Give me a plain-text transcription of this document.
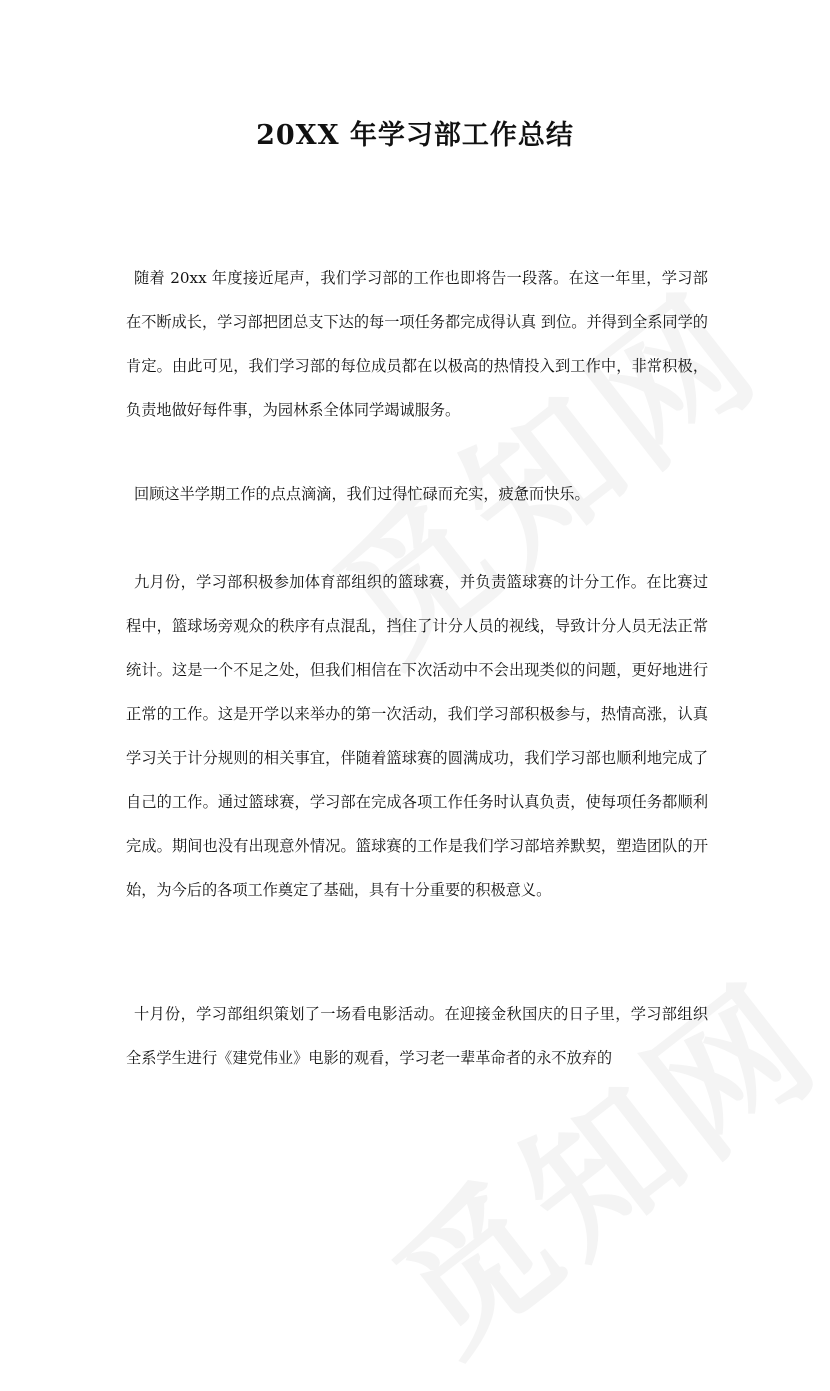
20XX 年学习部工作总结

随着 20xx 年度接近尾声，我们学习部的工作也即将告一段落。在这一年里，学习部在不断成长，学习部把团总支下达的每一项任务都完成得认真 到位。并得到全系同学的肯定。由此可见，我们学习部的每位成员都在以极高的热情投入到工作中，非常积极，负责地做好每件事，为园林系全体同学竭诚服务。

回顾这半学期工作的点点滴滴，我们过得忙碌而充实，疲惫而快乐。

九月份，学习部积极参加体育部组织的篮球赛，并负责篮球赛的计分工作。在比赛过程中，篮球场旁观众的秩序有点混乱，挡住了计分人员的视线，导致计分人员无法正常统计。这是一个不足之处，但我们相信在下次活动中不会出现类似的问题，更好地进行正常的工作。这是开学以来举办的第一次活动，我们学习部积极参与，热情高涨，认真学习关于计分规则的相关事宜，伴随着篮球赛的圆满成功，我们学习部也顺利地完成了自己的工作。通过篮球赛，学习部在完成各项工作任务时认真负责，使每项任务都顺利完成。期间也没有出现意外情况。篮球赛的工作是我们学习部培养默契，塑造团队的开始，为今后的各项工作奠定了基础，具有十分重要的积极意义。

十月份，学习部组织策划了一场看电影活动。在迎接金秋国庆的日子里，学习部组织全系学生进行《建党伟业》电影的观看，学习老一辈革命者的永不放弃的
